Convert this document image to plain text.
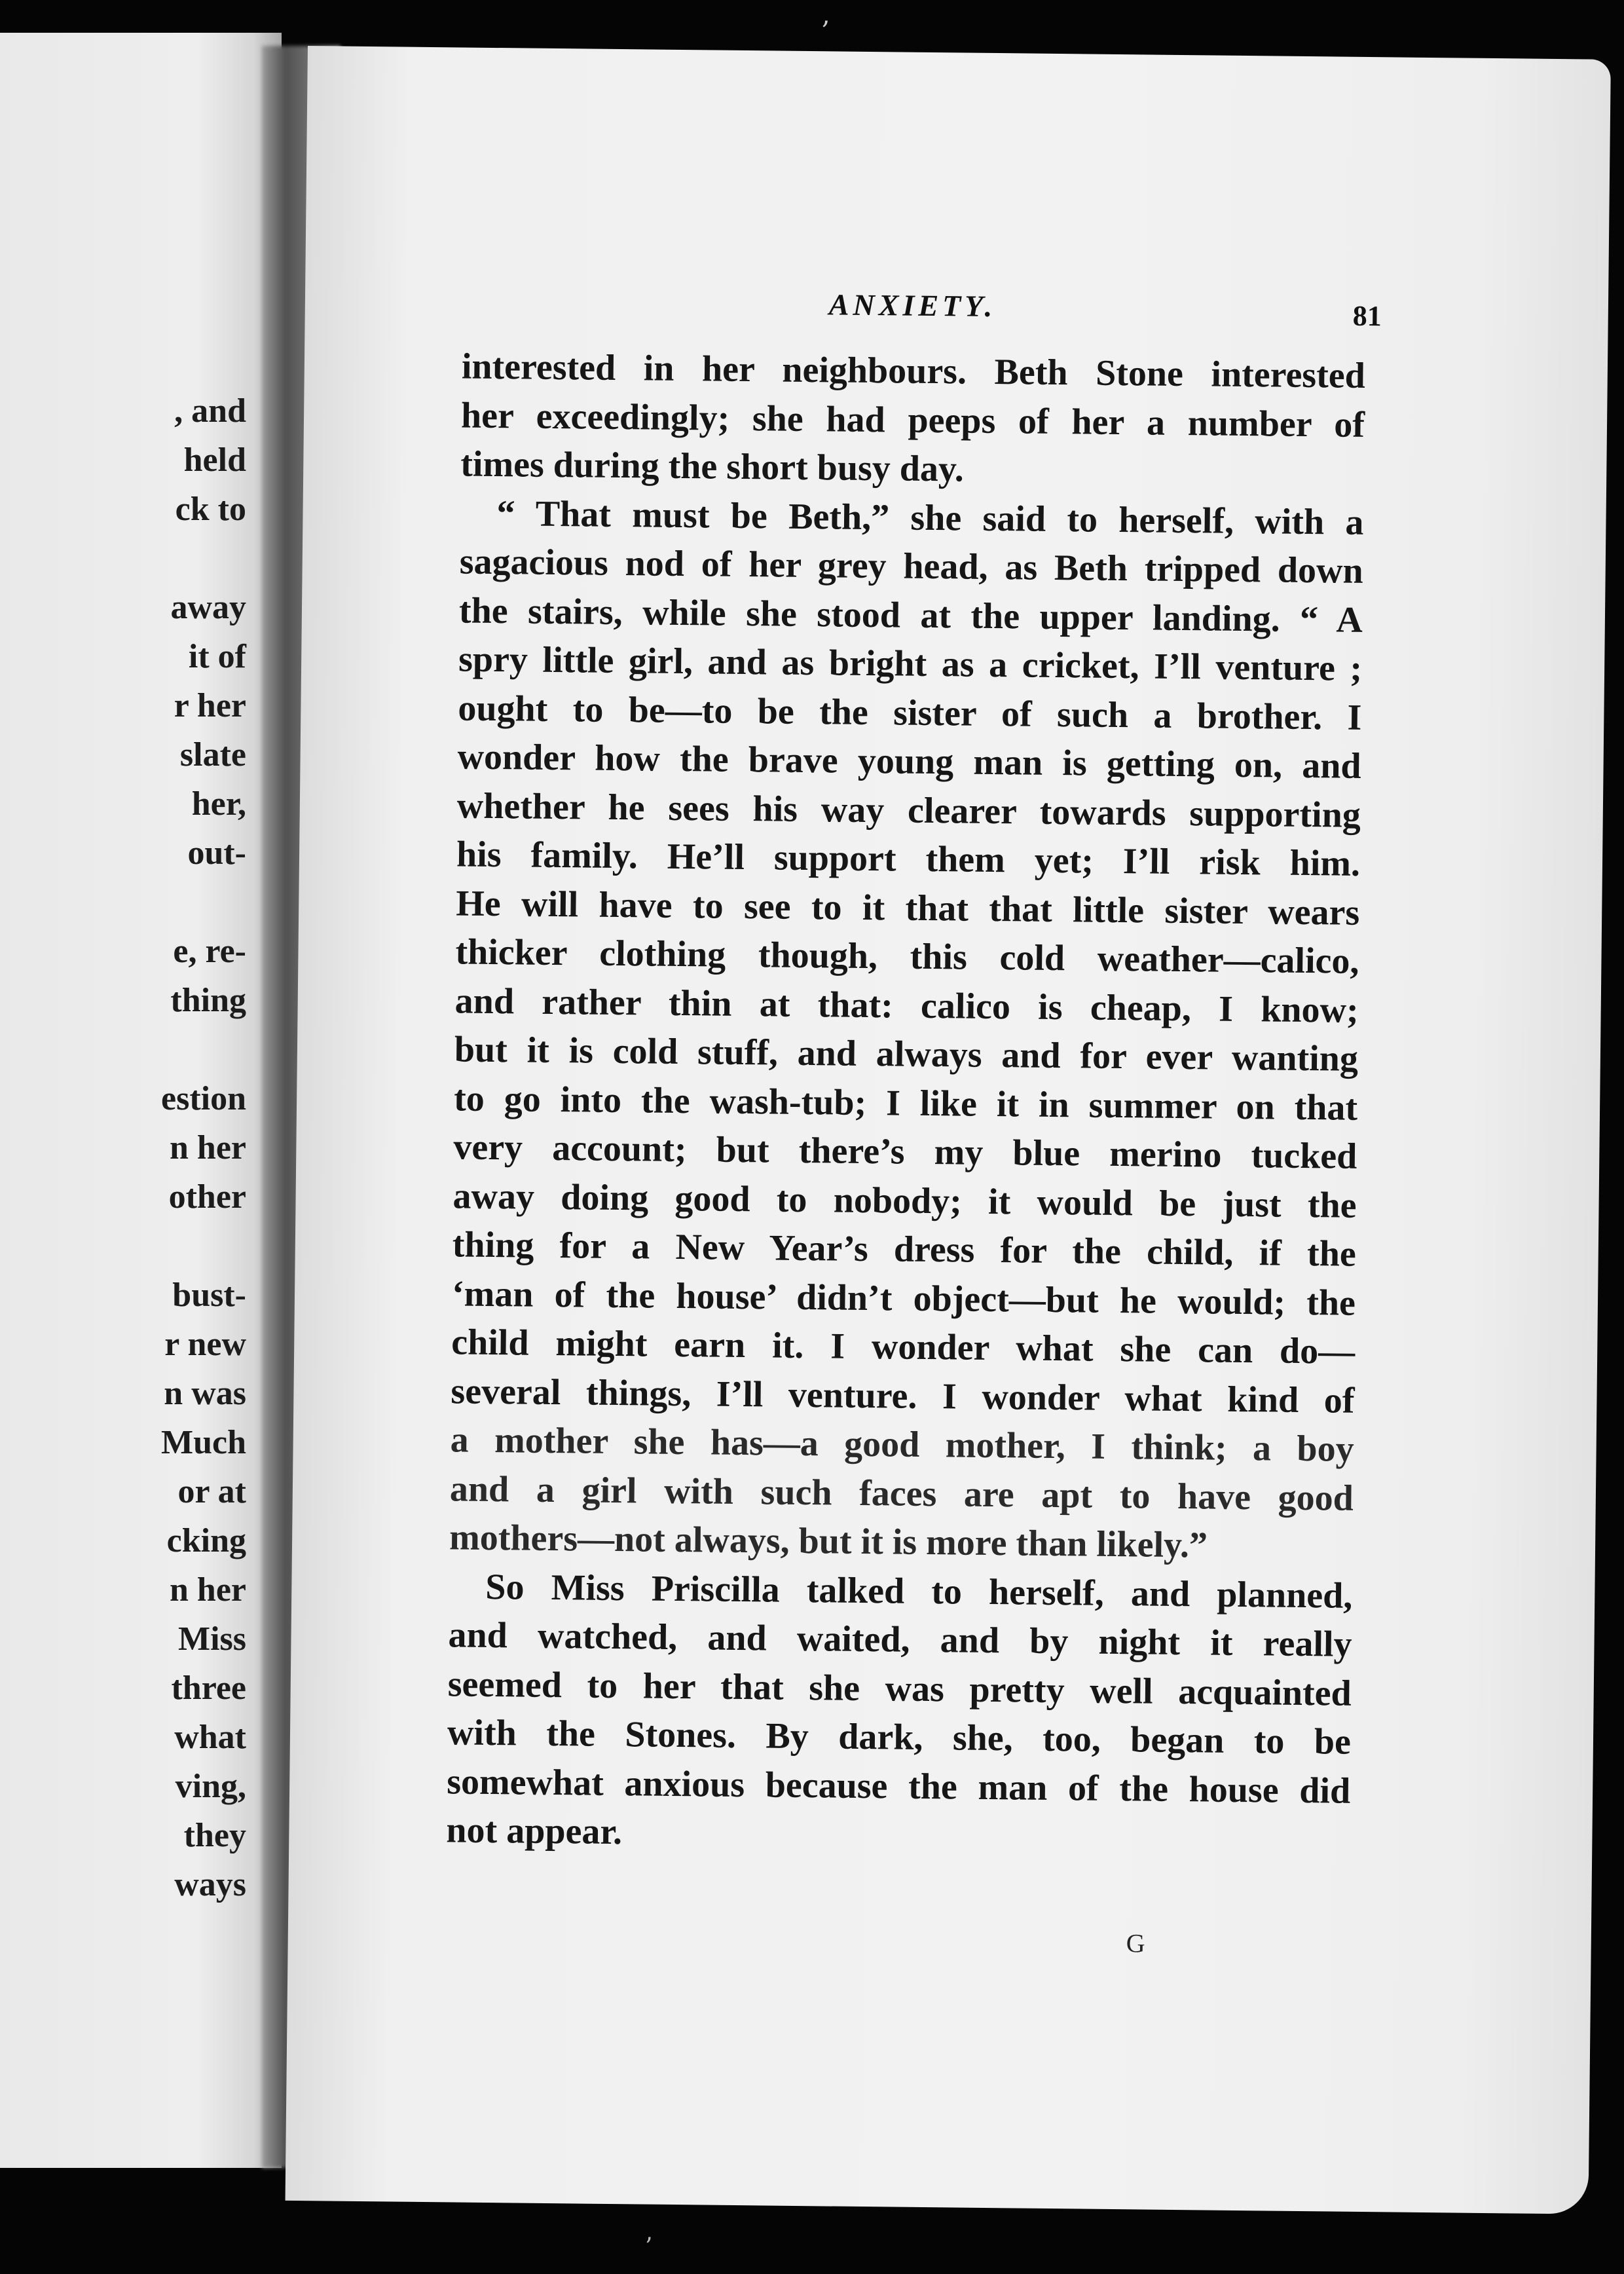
,
, and
held
ck to
away
it of
r her
slate
her,
out-
e, re-
thing
estion
n her
other
bust-
r new
n was
Much
or at
cking
n her
Miss
three
what
ving,
they
ways
ANXIETY.	81
interested in her neighbours. Beth Stone interested
her exceedingly; she had peeps of her a number of
times during the short busy day.
“ That must be Beth,” she said to herself, with a
sagacious nod of her grey head, as Beth tripped down
the stairs, while she stood at the upper landing. “ A
spry little girl, and as bright as a cricket, I’ll venture ;
ought to be—to be the sister of such a brother. I
wonder how the brave young man is getting on, and
whether he sees his way clearer towards supporting
his family. He’ll support them yet; I’ll risk him.
He will have to see to it that that little sister wears
thicker clothing though, this cold weather—calico,
and rather thin at that: calico is cheap, I know;
but it is cold stuff, and always and for ever wanting
to go into the wash-tub; I like it in summer on that
very account; but there’s my blue merino tucked
away doing good to nobody; it would be just the
thing for a New Year’s dress for the child, if the
‘man of the house’ didn’t object—but he would; the
child might earn it. I wonder what she can do—
several things, I’ll venture. I wonder what kind of
a mother she has—a good mother, I think; a boy
and a girl with such faces are apt to have good
mothers—not always, but it is more than likely.”
So Miss Priscilla talked to herself, and planned,
and watched, and waited, and by night it really
seemed to her that she was pretty well acquainted
with the Stones. By dark, she, too, began to be
somewhat anxious because the man of the house did
not appear.
G
’
